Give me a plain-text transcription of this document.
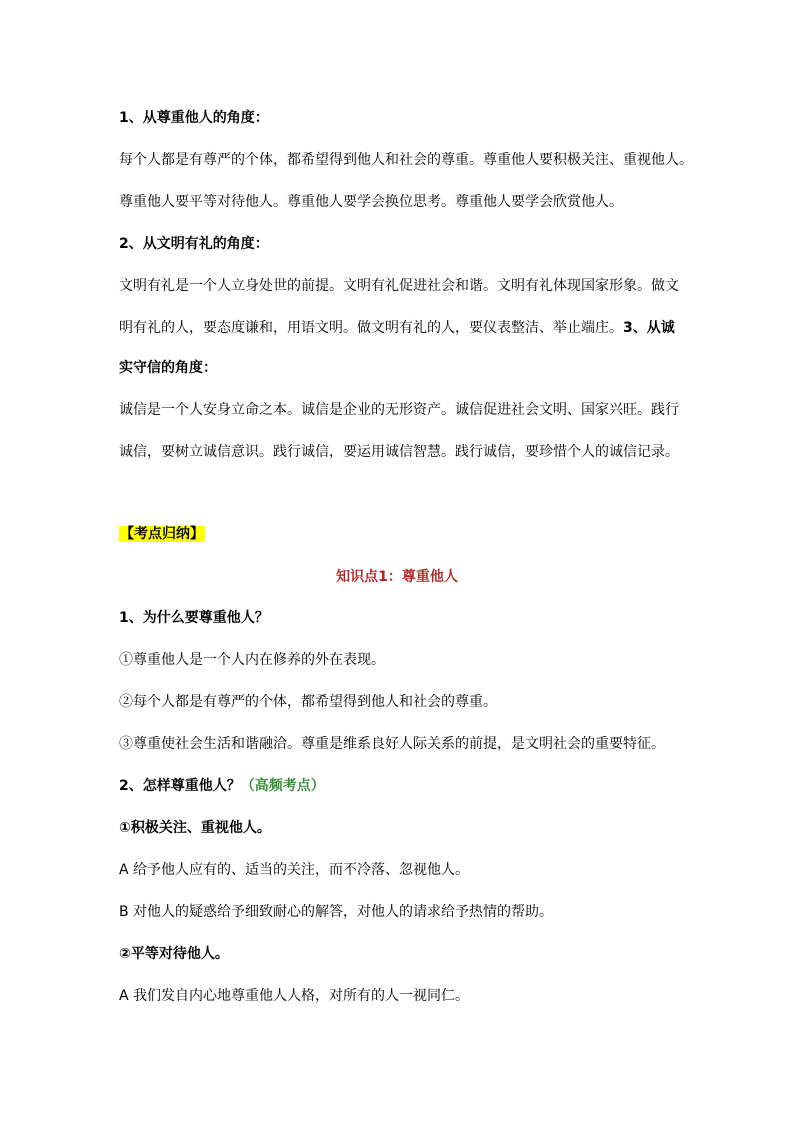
1、从尊重他人的角度：
每个人都是有尊严的个体，都希望得到他人和社会的尊重。尊重他人要积极关注、重视他人。
尊重他人要平等对待他人。尊重他人要学会换位思考。尊重他人要学会欣赏他人。
2、从文明有礼的角度：
文明有礼是一个人立身处世的前提。文明有礼促进社会和谐。文明有礼体现国家形象。做文
明有礼的人，要态度谦和，用语文明。做文明有礼的人，要仪表整洁、举止端庄。3、从诚
实守信的角度：
诚信是一个人安身立命之本。诚信是企业的无形资产。诚信促进社会文明、国家兴旺。践行
诚信，要树立诚信意识。践行诚信，要运用诚信智慧。践行诚信，要珍惜个人的诚信记录。
【考点归纳】
知识点1：尊重他人
1、为什么要尊重他人？
①尊重他人是一个人内在修养的外在表现。
②每个人都是有尊严的个体，都希望得到他人和社会的尊重。
③尊重使社会生活和谐融洽。尊重是维系良好人际关系的前提，是文明社会的重要特征。
2、怎样尊重他人？（高频考点）
①积极关注、重视他人。
A 给予他人应有的、适当的关注，而不冷落、忽视他人。
B 对他人的疑惑给予细致耐心的解答，对他人的请求给予热情的帮助。
②平等对待他人。
A 我们发自内心地尊重他人人格，对所有的人一视同仁。
